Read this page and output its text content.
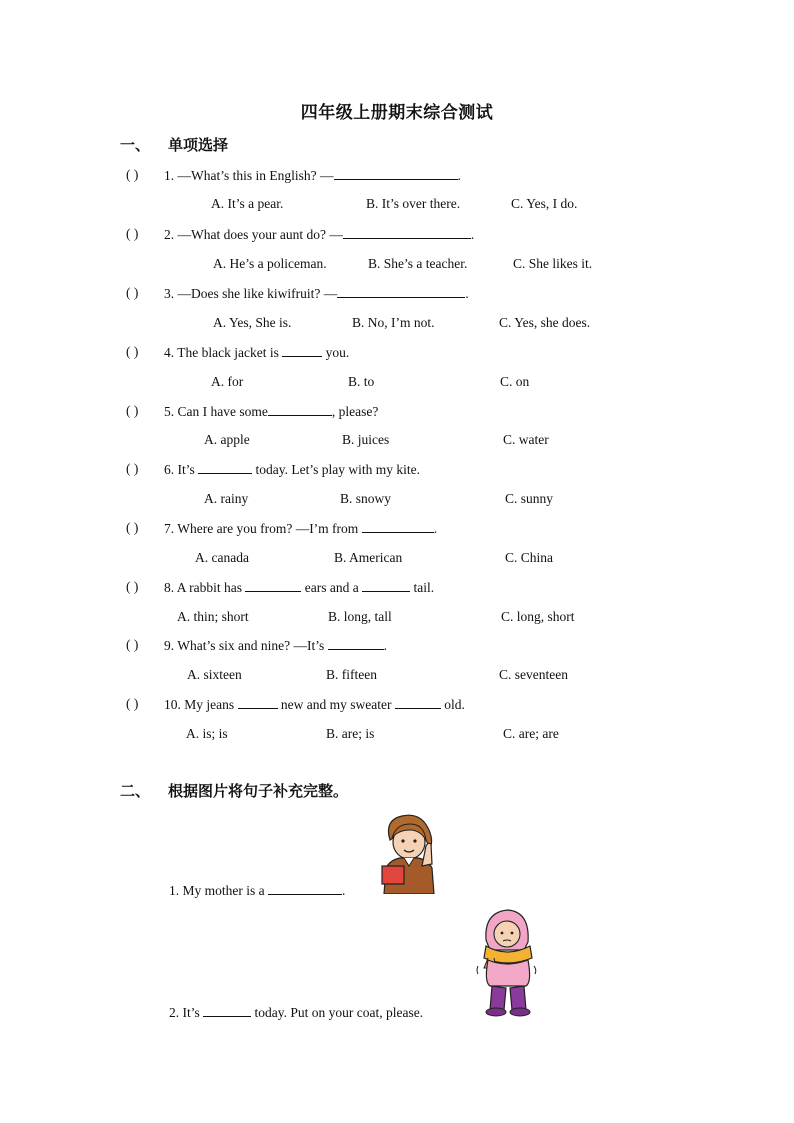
四年级上册期末综合测试
一、 单项选择
( ) 1. —What’s this in English? —	.
A. It’s a pear.	B. It’s over there.	C. Yes, I do.
( ) 2. —What does your aunt do? —	.
A. He’s a policeman.	B. She’s a teacher.	C. She likes it.
( ) 3. —Does she like kiwifruit? —	.
A. Yes, She is.	B. No, I’m not.	C. Yes, she does.
( ) 4. The black jacket is	you.
A. for	B. to	C. on
( ) 5. Can I have some	, please?
A. apple	B. juices	C. water
( ) 6. It’s	today. Let’s play with my kite.
A. rainy	B. snowy	C. sunny
( ) 7. Where are you from? —I’m from	.
A. canada	B. American	C. China
( ) 8. A rabbit has	ears and a	tail.
A. thin; short	B. long, tall	C. long, short
( ) 9. What’s six and nine? —It’s	.
A. sixteen	B. fifteen	C. seventeen
( ) 10. My jeans	new and my sweater	old.
A. is; is	B. are; is	C. are; are
二、 根据图片将句子补充完整。
1. My mother is a	.
2. It’s	today. Put on your coat, please.
